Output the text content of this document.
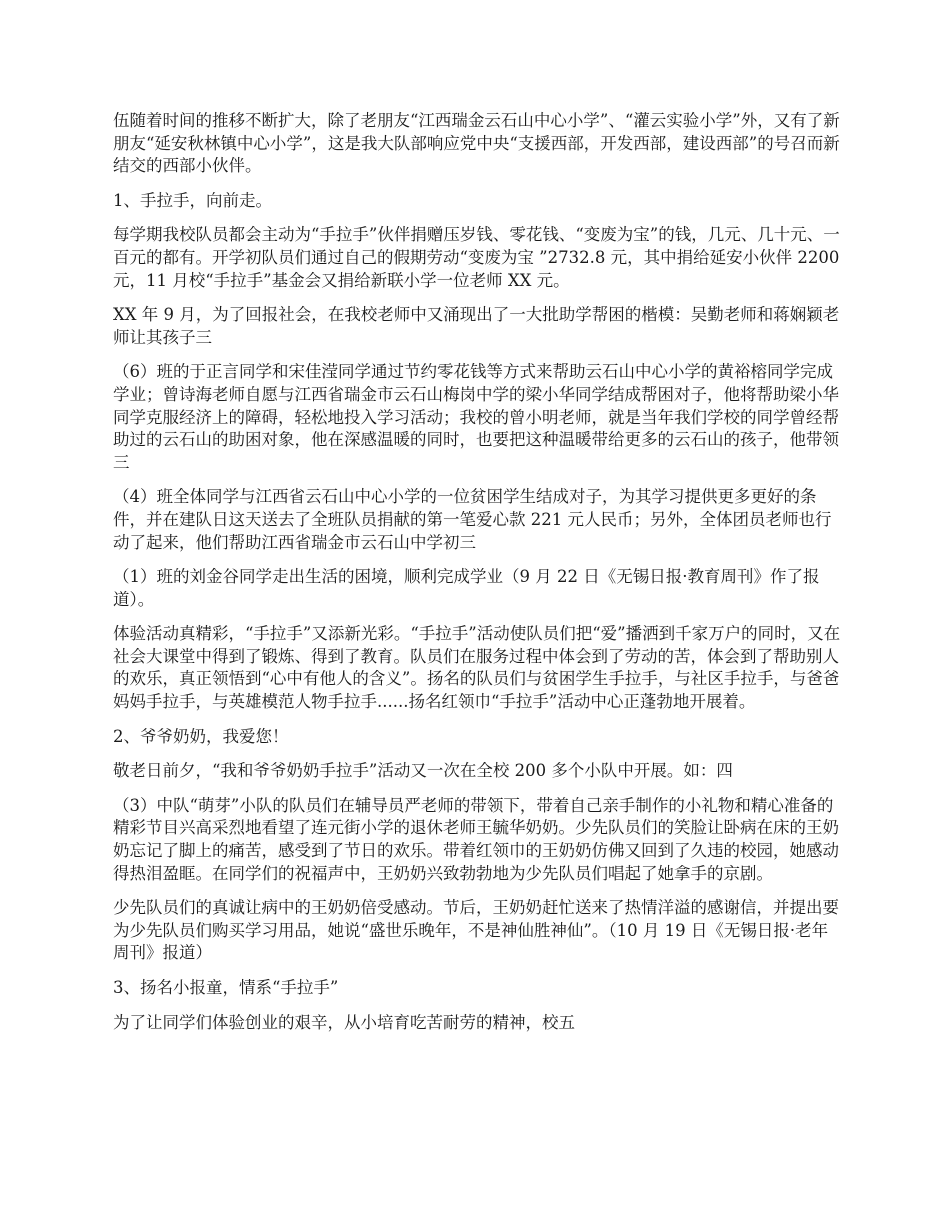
伍随着时间的推移不断扩大，除了老朋友“江西瑞金云石山中心小学”、“灌云实验小学”外，又有了新朋友“延安秋林镇中心小学”，这是我大队部响应党中央“支援西部，开发西部，建设西部”的号召而新结交的西部小伙伴。

1、手拉手，向前走。

每学期我校队员都会主动为“手拉手”伙伴捐赠压岁钱、零花钱、“变废为宝”的钱，几元、几十元、一百元的都有。开学初队员们通过自己的假期劳动“变废为宝 ”2732.8 元，其中捐给延安小伙伴 2200 元，11 月校“手拉手”基金会又捐给新联小学一位老师 XX 元。

XX 年 9 月，为了回报社会，在我校老师中又涌现出了一大批助学帮困的楷模：吴勤老师和蒋娴颖老师让其孩子三

（6）班的于正言同学和宋佳滢同学通过节约零花钱等方式来帮助云石山中心小学的黄裕榕同学完成学业；曾诗海老师自愿与江西省瑞金市云石山梅岗中学的梁小华同学结成帮困对子，他将帮助梁小华同学克服经济上的障碍，轻松地投入学习活动；我校的曾小明老师，就是当年我们学校的同学曾经帮助过的云石山的助困对象，他在深感温暖的同时，也要把这种温暖带给更多的云石山的孩子，他带领三

（4）班全体同学与江西省云石山中心小学的一位贫困学生结成对子，为其学习提供更多更好的条件，并在建队日这天送去了全班队员捐献的第一笔爱心款 221 元人民币；另外，全体团员老师也行动了起来，他们帮助江西省瑞金市云石山中学初三

（1）班的刘金谷同学走出生活的困境，顺利完成学业（9 月 22 日《无锡日报·教育周刊》作了报道）。

体验活动真精彩，“手拉手”又添新光彩。“手拉手”活动使队员们把“爱”播洒到千家万户的同时，又在社会大课堂中得到了锻炼、得到了教育。队员们在服务过程中体会到了劳动的苦，体会到了帮助别人的欢乐，真正领悟到“心中有他人的含义”。扬名的队员们与贫困学生手拉手，与社区手拉手，与爸爸妈妈手拉手，与英雄模范人物手拉手......扬名红领巾“手拉手”活动中心正蓬勃地开展着。

2、爷爷奶奶，我爱您！

敬老日前夕，“我和爷爷奶奶手拉手”活动又一次在全校 200 多个小队中开展。如：四

（3）中队“萌芽”小队的队员们在辅导员严老师的带领下，带着自己亲手制作的小礼物和精心准备的精彩节目兴高采烈地看望了连元街小学的退休老师王毓华奶奶。少先队员们的笑脸让卧病在床的王奶奶忘记了脚上的痛苦，感受到了节日的欢乐。带着红领巾的王奶奶仿佛又回到了久违的校园，她感动得热泪盈眶。在同学们的祝福声中，王奶奶兴致勃勃地为少先队员们唱起了她拿手的京剧。

少先队员们的真诚让病中的王奶奶倍受感动。节后，王奶奶赶忙送来了热情洋溢的感谢信，并提出要为少先队员们购买学习用品，她说“盛世乐晚年，不是神仙胜神仙”。（10 月 19 日《无锡日报·老年周刊》报道）

3、扬名小报童，情系“手拉手”

为了让同学们体验创业的艰辛，从小培育吃苦耐劳的精神，校五
